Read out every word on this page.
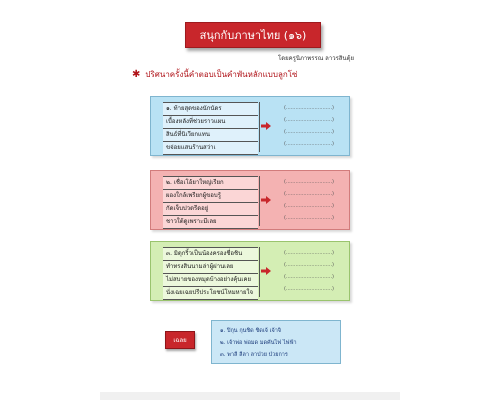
สนุกกับภาษาไทย (๑๖)
โดยครูนิภาพรรณ ลาวรสินตุ้ย
✱ ปริศนาครั้งนี้คำตอบเป็นคำพันหลักแบบลูกโซ่
๑. ท้ายสุดของนักนัดร
เบื้องหลังที่ช่วยราวแผน
สินธ์ที่นิเวียกแทน
ขจ่อยแสนร้านสว่าเ
(.............................)
(.............................)
(.............................)
(.............................)
๒. เชื่อเโอ้ยาใหญ่เรียก
ผองใกล้เพรียกผู้ขอบรู้
กัดเจ็บปวดรีดอยู่
ชาวใต้ดูเพราะมีเลย
(.............................)
(.............................)
(.............................)
(.............................)
๓. มิดุกริ้วเป็นน้องครองชื่อชิน
ทำทรงสินนามล่าผู้ผ่านเลย
ไม่สบายของหมุดบ้างอย่างคุ้นเคย
นั่งเฉยเฉยปรีประโยชน์โหมหายใจ
(.............................)
(.............................)
(.............................)
(.............................)
เฉลย
๑. ปิกุน กุนชิด ชิดเจ้ เจ้าจิ
๒. เจ้าพ่อ พ่อมด มดคันไฟ ไฟฟ้า
๓. พาลี ลีลา ลาป่วย ป่วยการ
